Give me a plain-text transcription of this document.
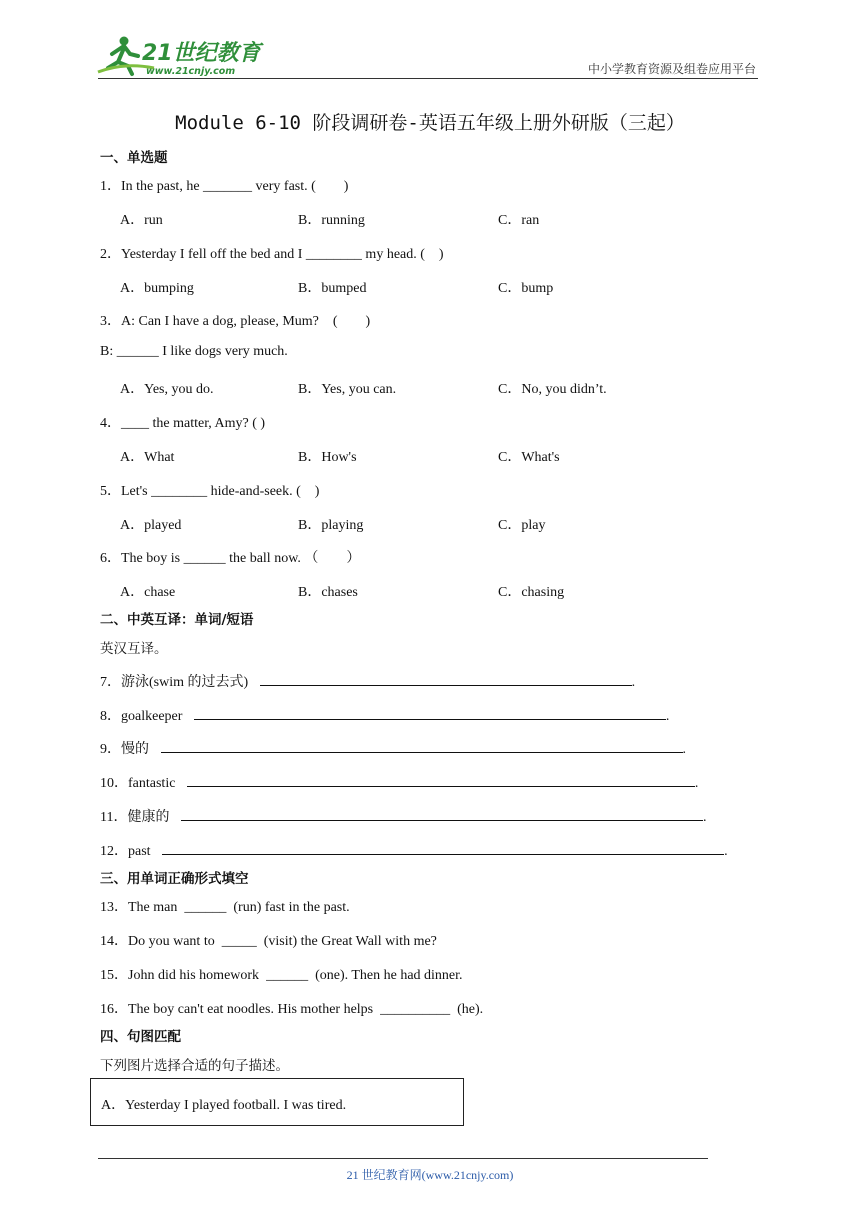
21世纪教育
www.21cnjy.com	中小学教育资源及组卷应用平台
Module 6-10 阶段调研卷-英语五年级上册外研版（三起）
一、单选题
1．In the past, he _______ very fast. (　　)
A．run	B．running	C．ran
2．Yesterday I fell off the bed and I ________ my head. (　)
A．bumping	B．bumped	C．bump
3．A: Can I have a dog, please, Mum?　(　　)
B: ______ I like dogs very much.
A．Yes, you do.	B．Yes, you can.	C．No, you didn’t.
4．____ the matter, Amy? ( )
A．What	B．How's	C．What's
5．Let's ________ hide-and-seek. (　)
A．played	B．playing	C．play
6．The boy is ______ the ball now. （　　）
A．chase	B．chases	C．chasing
二、中英互译：单词/短语
英汉互译。
7．游泳(swim 的过去式)	.
8．goalkeeper	.
9．慢的	.
10．fantastic	.
11．健康的	.
12．past	.
三、用单词正确形式填空
13．The man ______ (run) fast in the past.
14．Do you want to _____ (visit) the Great Wall with me?
15．John did his homework ______ (one). Then he had dinner.
16．The boy can't eat noodles. His mother helps __________ (he).
四、句图匹配
下列图片选择合适的句子描述。
A．Yesterday I played football. I was tired.
21 世纪教育网(www.21cnjy.com)
